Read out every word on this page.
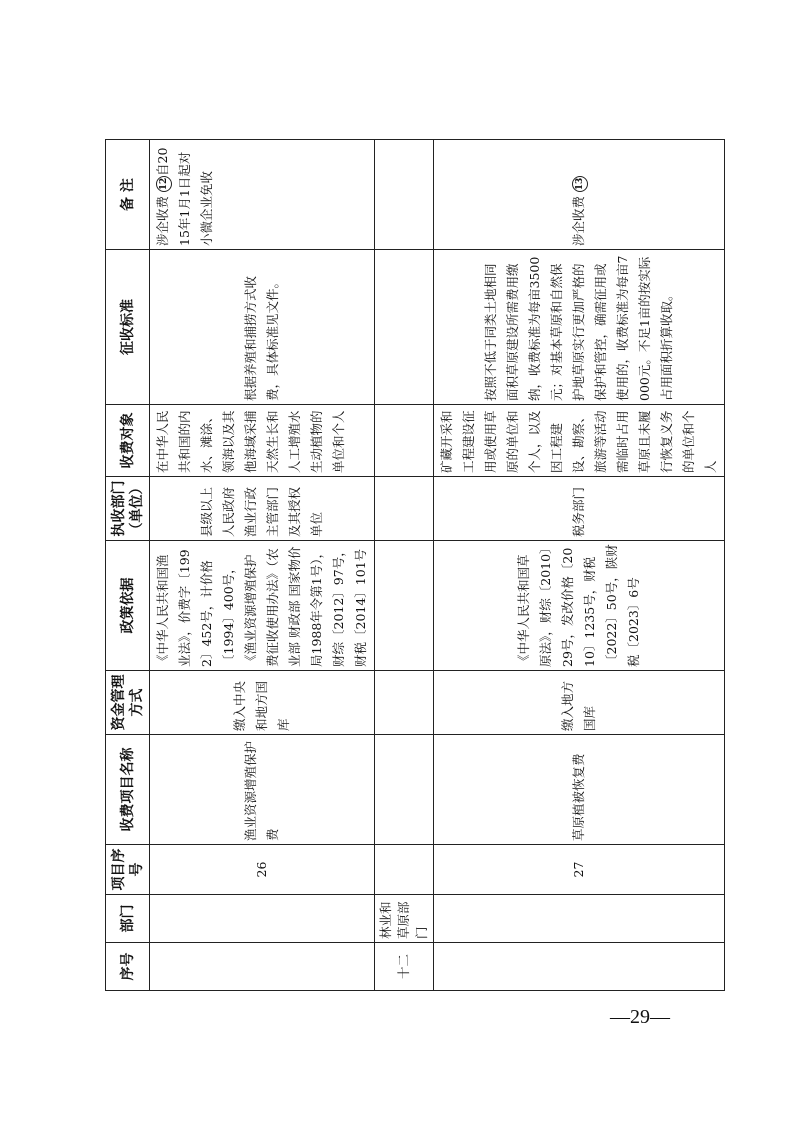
序号	部门	项目序号	收费项目名称	资金管理方式	政策依据	执收部门（单位）	收费对象	征收标准	备 注
		26	渔业资源增殖保护费	缴入中央和地方国库	《中华人民共和国渔业法》，价费字〔1992〕452号，计价格〔1994〕400号，《渔业资源增殖保护费征收使用办法》（农业部 财政部 国家物价局1988年令第1号），财综〔2012〕97号，财税〔2014〕101号	县级以上人民政府渔业行政主管部门及其授权单位	在中华人民共和国的内水、滩涂、领海以及其他海域采捕天然生长和人工增殖水生动植物的单位和个人	根据养殖和捕捞方式收费，具体标准见文件。	涉企收费 12自2015年1月1日起对小微企业免收
十二	林业和草原部门								
		27	草原植被恢复费	缴入地方国库	《中华人民共和国草原法》，财综〔2010〕29号，发改价格〔2010〕1235号，财税〔2022〕50号，陕财税〔2023〕6号	税务部门	矿藏开采和工程建设征用或使用草原的单位和个人，以及因工程建设、勘察、旅游等活动需临时占用草原且未履行恢复义务的单位和个人	按照不低于同类土地相同面积草原建设所需费用缴纳，收费标准为每亩3500元；对基本草原和自然保护地草原实行更加严格的保护和管控，确需征用或使用的，收费标准为每亩7000元。不足1亩的按实际占用面积折算收取。	涉企收费 13
—29—
